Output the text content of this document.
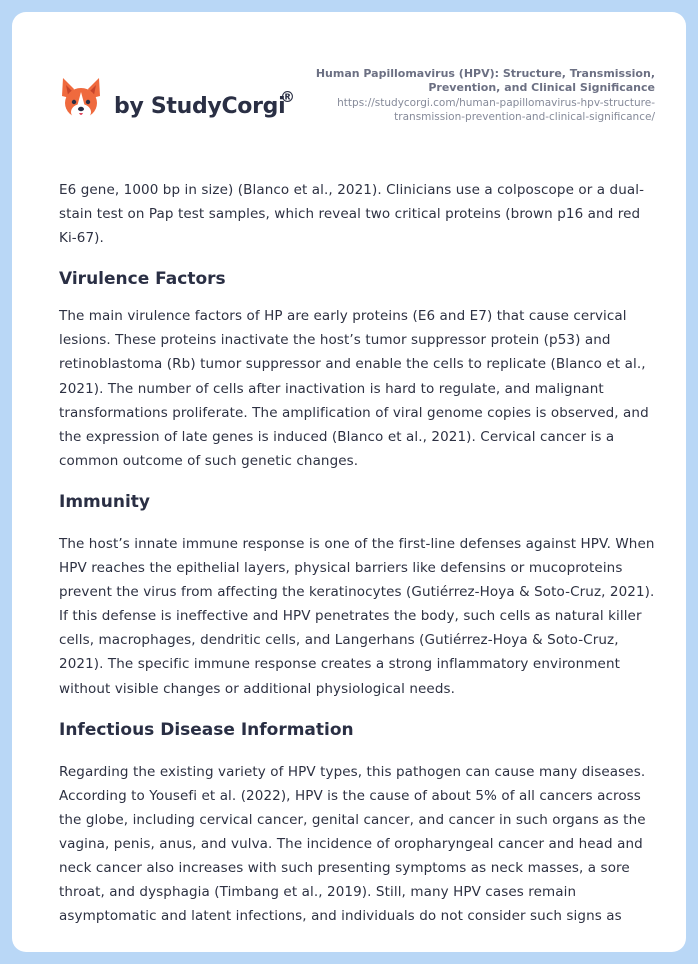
by StudyCorgi
®
Human Papillomavirus (HPV): Structure, Transmission, Prevention, and Clinical Significance
https://studycorgi.com/human-papillomavirus-hpv-structure-transmission-prevention-and-clinical-significance/

E6 gene, 1000 bp in size) (Blanco et al., 2021). Clinicians use a colposcope or a dual-stain test on Pap test samples, which reveal two critical proteins (brown p16 and red Ki-67).

Virulence Factors

The main virulence factors of HP are early proteins (E6 and E7) that cause cervical lesions. These proteins inactivate the host’s tumor suppressor protein (p53) and retinoblastoma (Rb) tumor suppressor and enable the cells to replicate (Blanco et al., 2021). The number of cells after inactivation is hard to regulate, and malignant transformations proliferate. The amplification of viral genome copies is observed, and the expression of late genes is induced (Blanco et al., 2021). Cervical cancer is a common outcome of such genetic changes.

Immunity

The host’s innate immune response is one of the first-line defenses against HPV. When HPV reaches the epithelial layers, physical barriers like defensins or mucoproteins prevent the virus from affecting the keratinocytes (Gutiérrez-Hoya & Soto-Cruz, 2021). If this defense is ineffective and HPV penetrates the body, such cells as natural killer cells, macrophages, dendritic cells, and Langerhans (Gutiérrez-Hoya & Soto-Cruz, 2021). The specific immune response creates a strong inflammatory environment without visible changes or additional physiological needs.

Infectious Disease Information

Regarding the existing variety of HPV types, this pathogen can cause many diseases. According to Yousefi et al. (2022), HPV is the cause of about 5% of all cancers across the globe, including cervical cancer, genital cancer, and cancer in such organs as the vagina, penis, anus, and vulva. The incidence of oropharyngeal cancer and head and neck cancer also increases with such presenting symptoms as neck masses, a sore throat, and dysphagia (Timbang et al., 2019). Still, many HPV cases remain asymptomatic and latent infections, and individuals do not consider such signs as
